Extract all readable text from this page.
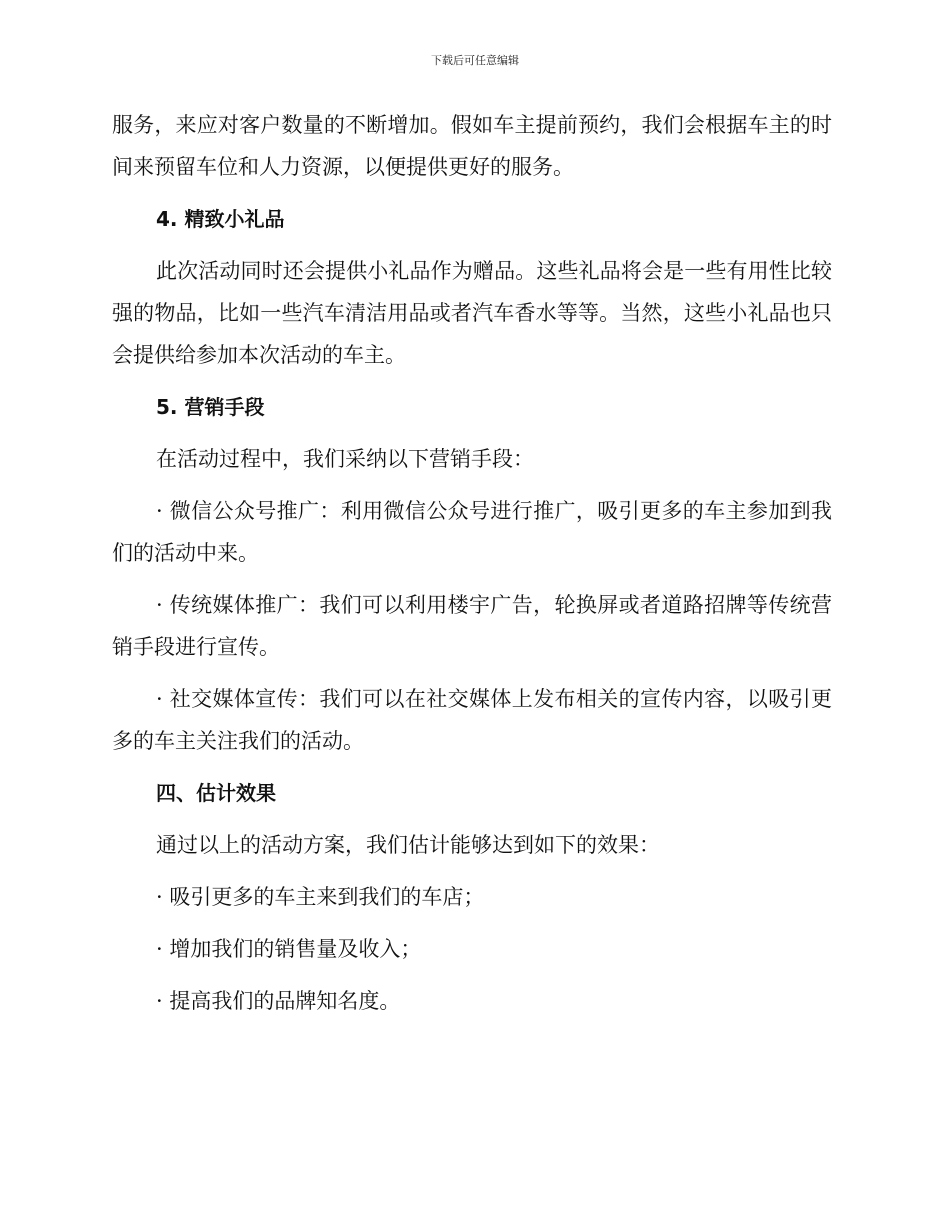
下载后可任意编辑

服务，来应对客户数量的不断增加。假如车主提前预约，我们会根据车主的时间来预留车位和人力资源，以便提供更好的服务。

4. 精致小礼品

此次活动同时还会提供小礼品作为赠品。这些礼品将会是一些有用性比较强的物品，比如一些汽车清洁用品或者汽车香水等等。当然，这些小礼品也只会提供给参加本次活动的车主。

5. 营销手段

在活动过程中，我们采纳以下营销手段：

· 微信公众号推广：利用微信公众号进行推广，吸引更多的车主参加到我们的活动中来。

· 传统媒体推广：我们可以利用楼宇广告，轮换屏或者道路招牌等传统营销手段进行宣传。

· 社交媒体宣传：我们可以在社交媒体上发布相关的宣传内容，以吸引更多的车主关注我们的活动。

四、估计效果

通过以上的活动方案，我们估计能够达到如下的效果：

· 吸引更多的车主来到我们的车店；
· 增加我们的销售量及收入；
· 提高我们的品牌知名度。
